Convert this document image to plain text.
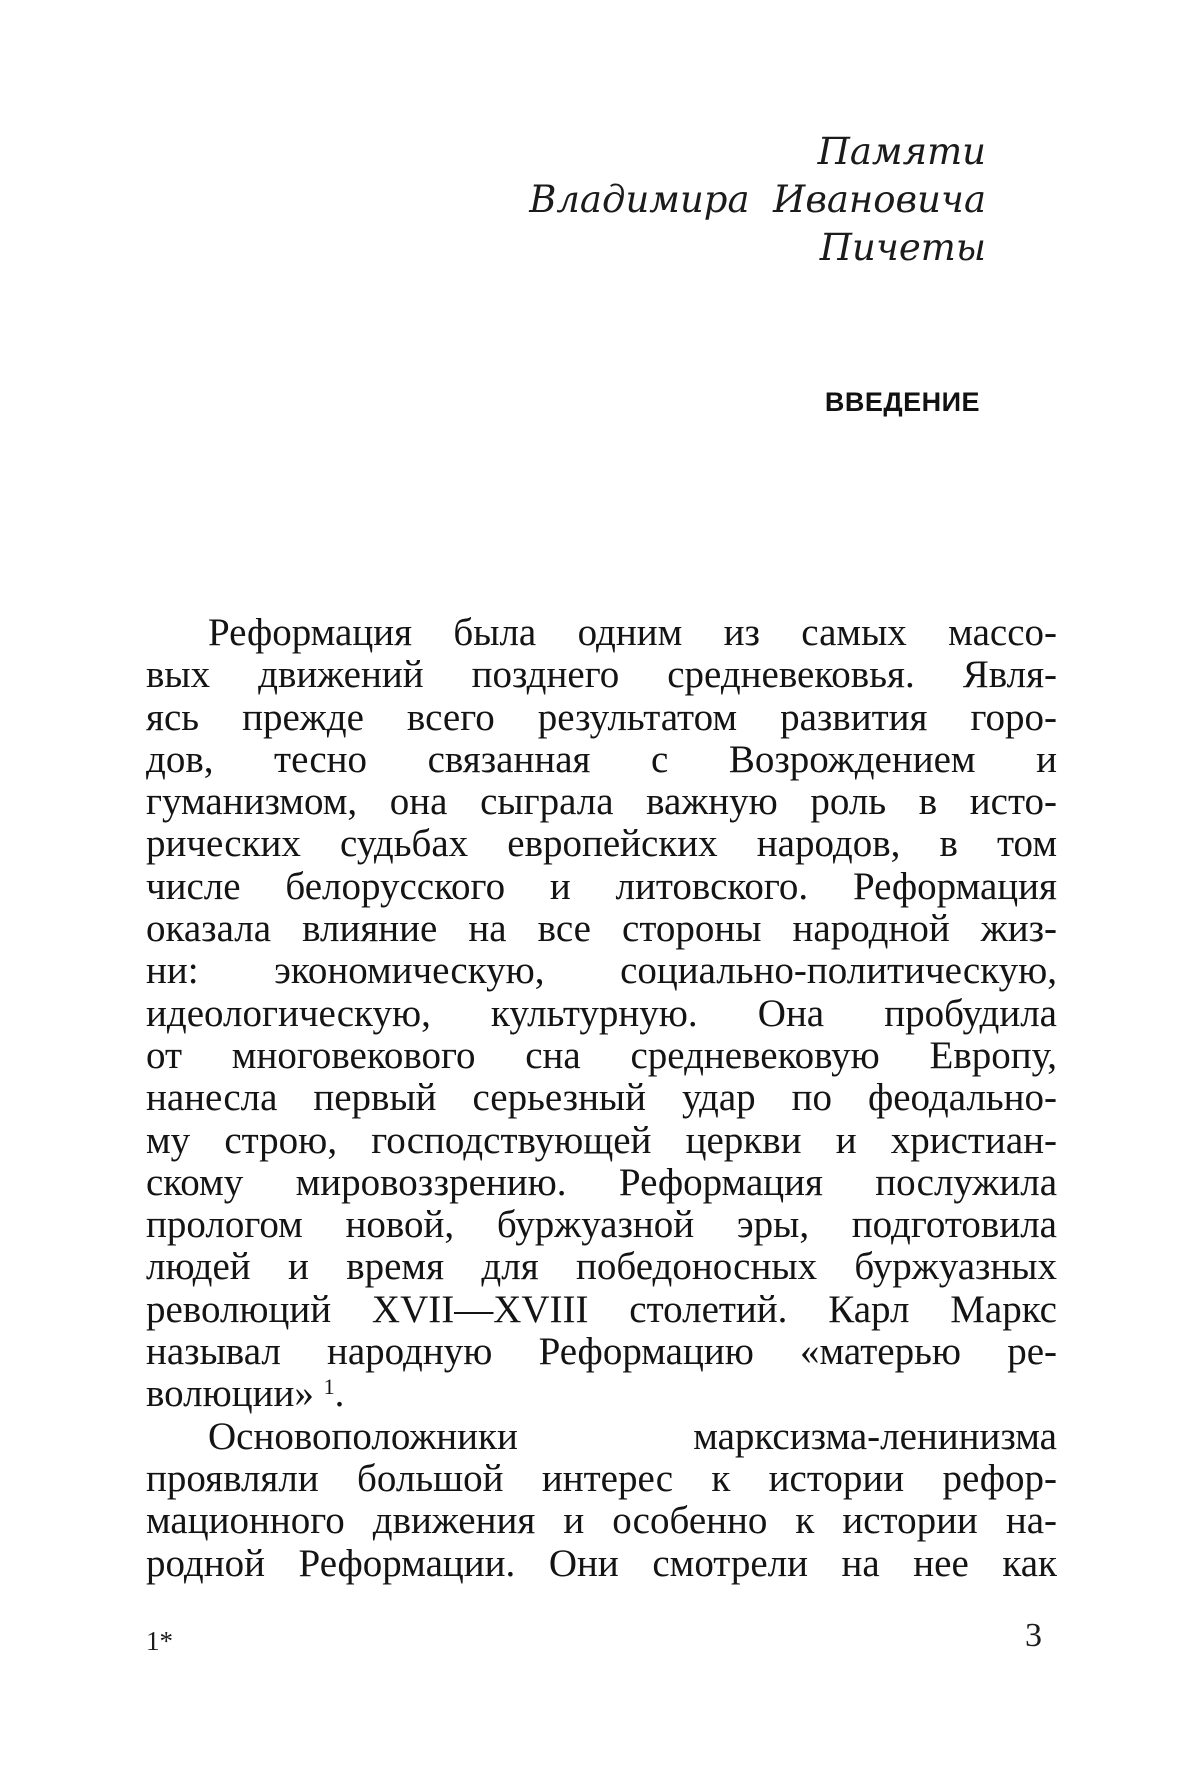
Памяти
Владимира  Ивановича
Пичеты
ВВЕДЕНИЕ
Реформация была одним из самых массо-
вых движений позднего средневековья. Явля-
ясь прежде всего результатом развития горо-
дов, тесно связанная с Возрождением и
гуманизмом, она сыграла важную роль в исто-
рических судьбах европейских народов, в том
числе белорусского и литовского. Реформация
оказала влияние на все стороны народной жиз-
ни: экономическую, социально-политическую,
идеологическую, культурную. Она пробудила
от многовекового сна средневековую Европу,
нанесла первый серьезный удар по феодально-
му строю, господствующей церкви и христиан-
скому мировоззрению. Реформация послужила
прологом новой, буржуазной эры, подготовила
людей и время для победоносных буржуазных
революций XVII—XVIII столетий. Карл Маркс
называл народную Реформацию «матерью ре-
волюции» $^1$.
Основоположники марксизма-ленинизма
проявляли большой интерес к истории рефор-
мационного движения и особенно к истории на-
родной Реформации. Они смотрели на нее как
1*	3
